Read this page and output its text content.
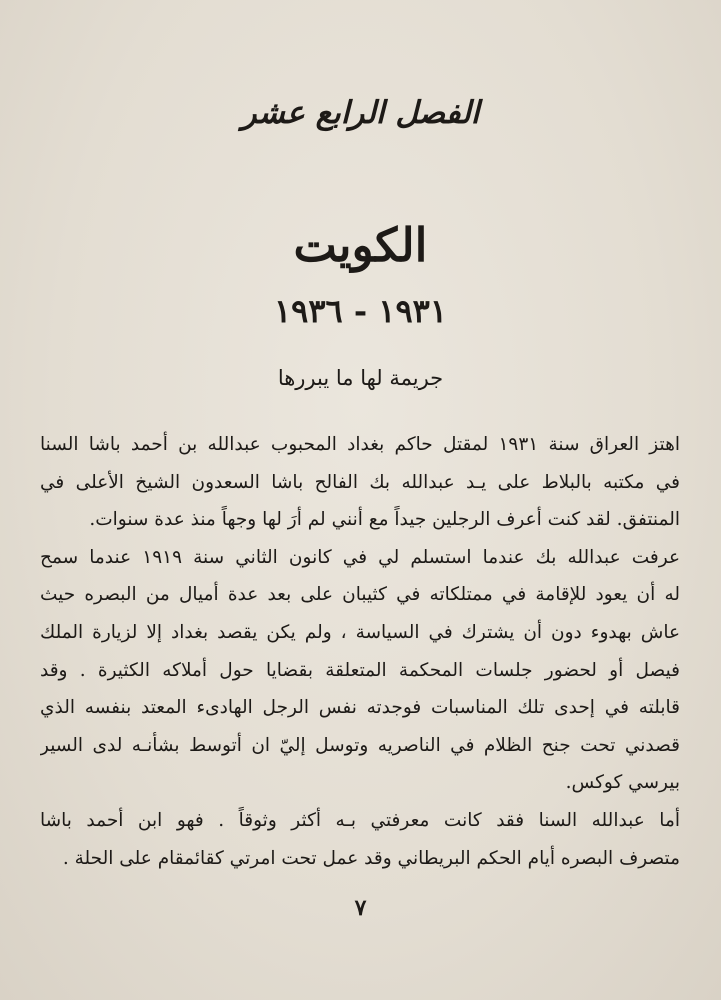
الفصل الرابع عشر
الكويت
١٩٣١ - ١٩٣٦
جريمة لها ما يبررها
اهتز العراق سنة ١٩٣١ لمقتل حاكم بغداد المحبوب عبدالله بن أحمد باشا السنا
في مكتبه بالبلاط على يـد عبدالله بك الفالح باشا السعدون الشيخ الأعلى في
المنتفق. لقد كنت أعرف الرجلين جيداً مع أنني لم أرَ لها وجهاً منذ عدة سنوات.
عرفت عبدالله بك عندما استسلم لي في كانون الثاني سنة ١٩١٩ عندما سمح
له أن يعود للإقامة في ممتلكاته في كثيبان على بعد عدة أميال من البصره حيث
عاش بهدوء دون أن يشترك في السياسة ، ولم يكن يقصد بغداد إلا لزيارة الملك
فيصل أو لحضور جلسات المحكمة المتعلقة بقضايا حول أملاكه الكثيرة . وقد
قابلته في إحدى تلك المناسبات فوجدته نفس الرجل الهادىء المعتد بنفسه الذي
قصدني تحت جنح الظلام في الناصريه وتوسل إليّ ان أتوسط بشأنـه لدى السير
بيرسي كوكس.
أما عبدالله السنا فقد كانت معرفتي بـه أكثر وثوقاً . فهو ابن أحمد باشا
متصرف البصره أيام الحكم البريطاني وقد عمل تحت امرتي كقائمقام على الحلة .
٧
